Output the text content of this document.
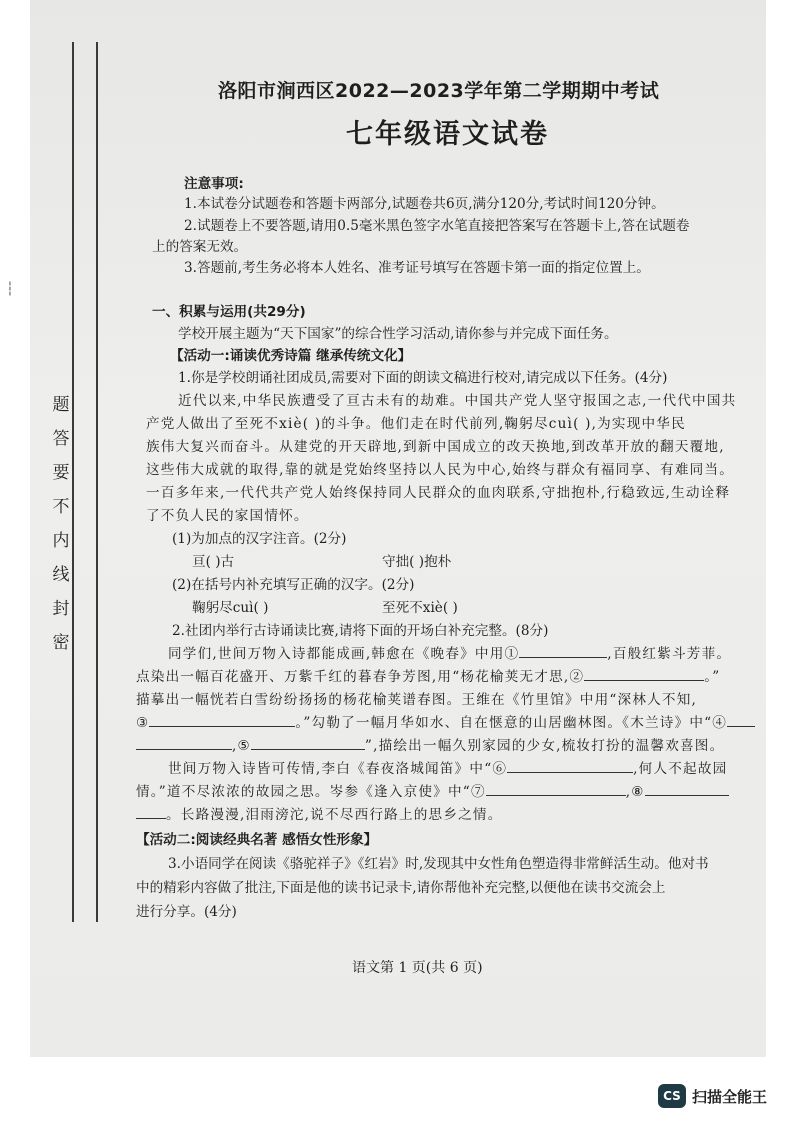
┆
题
答
要
不
内
线
封
密
洛阳市涧西区2022—2023学年第二学期期中考试
七年级语文试卷
注意事项:
1.本试卷分试题卷和答题卡两部分,试题卷共6页,满分120分,考试时间120分钟。
2.试题卷上不要答题,请用0.5毫米黑色签字水笔直接把答案写在答题卡上,答在试题卷
上的答案无效。
3.答题前,考生务必将本人姓名、准考证号填写在答题卡第一面的指定位置上。
一、积累与运用(共29分)
学校开展主题为“天下国家”的综合性学习活动,请你参与并完成下面任务。
【活动一:诵读优秀诗篇 继承传统文化】
1.你是学校朗诵社团成员,需要对下面的朗读文稿进行校对,请完成以下任务。(4分)
近代以来,中华民族遭受了亘古未有的劫难。中国共产党人坚守报国之志,一代代中国共
产党人做出了至死不xiè( )的斗争。他们走在时代前列,鞠躬尽cuì( ),为实现中华民
族伟大复兴而奋斗。从建党的开天辟地,到新中国成立的改天换地,到改革开放的翻天覆地,
这些伟大成就的取得,靠的就是党始终坚持以人民为中心,始终与群众有福同享、有难同当。
一百多年来,一代代共产党人始终保持同人民群众的血肉联系,守拙抱朴,行稳致远,生动诠释
了不负人民的家国情怀。
(1)为加点的汉字注音。(2分)
亘( )古	守拙( )抱朴
(2)在括号内补充填写正确的汉字。(2分)
鞠躬尽cuì( )	至死不xiè( )
2.社团内举行古诗诵读比赛,请将下面的开场白补充完整。(8分)
同学们,世间万物入诗都能成画,韩愈在《晚春》中用①	,百般红紫斗芳菲。
点染出一幅百花盛开、万紫千红的暮春争芳图,用“杨花榆荚无才思,②	。”
描摹出一幅恍若白雪纷纷扬扬的杨花榆荚谱春图。王维在《竹里馆》中用“深林人不知,
③	。”勾勒了一幅月华如水、自在惬意的山居幽林图。《木兰诗》中“④
,⑤	”,描绘出一幅久别家园的少女,梳妆打扮的温馨欢喜图。
世间万物入诗皆可传情,李白《春夜洛城闻笛》中“⑥	,何人不起故园
情。”道不尽浓浓的故园之思。岑参《逢入京使》中“⑦	,⑧
。长路漫漫,泪雨滂沱,说不尽西行路上的思乡之情。
【活动二:阅读经典名著 感悟女性形象】
3.小语同学在阅读《骆驼祥子》《红岩》时,发现其中女性角色塑造得非常鲜活生动。他对书
中的精彩内容做了批注,下面是他的读书记录卡,请你帮他补充完整,以便他在读书交流会上
进行分享。(4分)
语文第 1 页(共 6 页)
CS 扫描全能王
